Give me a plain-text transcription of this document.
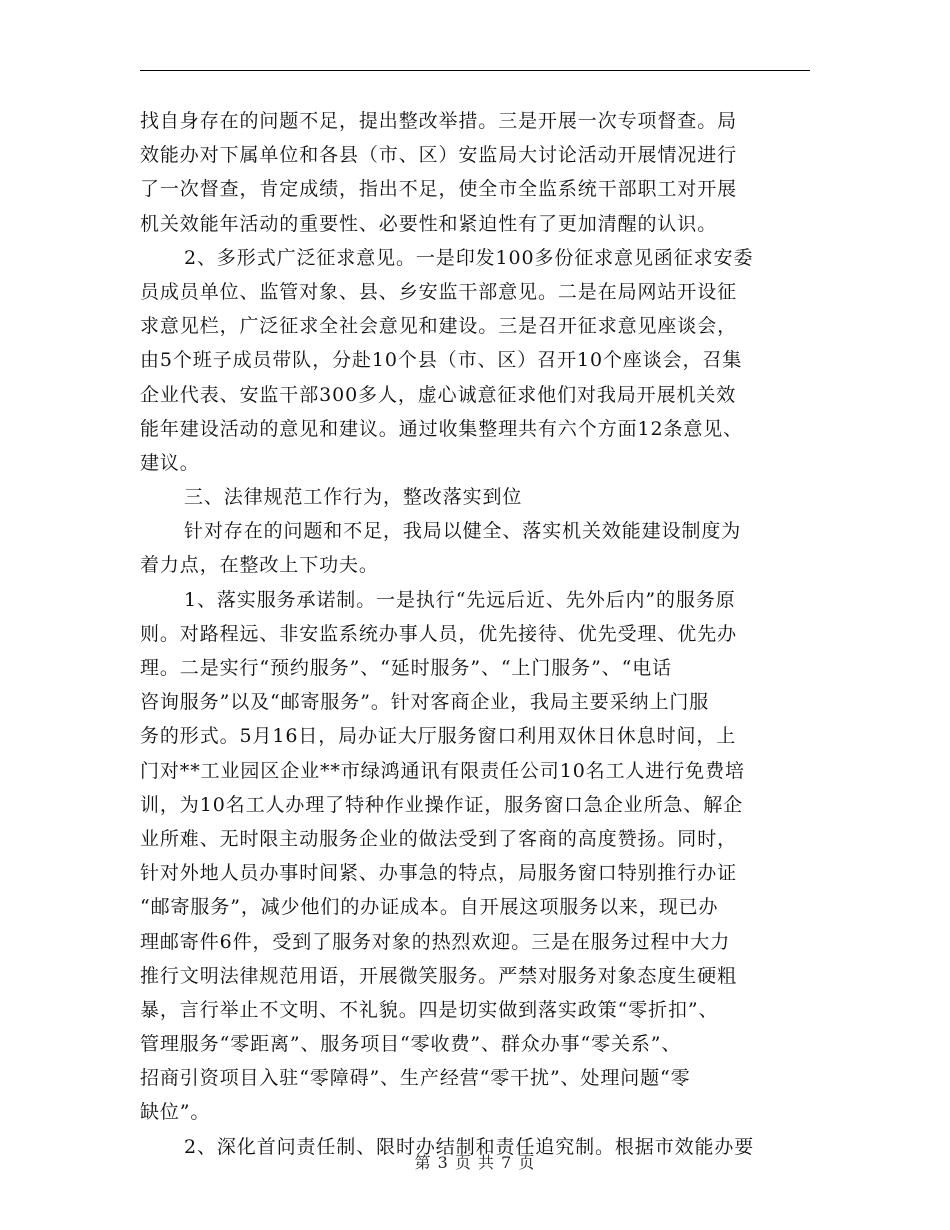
找自身存在的问题不足，提出整改举措。三是开展一次专项督查。局
效能办对下属单位和各县（市、区）安监局大讨论活动开展情况进行
了一次督查，肯定成绩，指出不足，使全市全监系统干部职工对开展
机关效能年活动的重要性、必要性和紧迫性有了更加清醒的认识。
2、多形式广泛征求意见。一是印发100多份征求意见函征求安委
员成员单位、监管对象、县、乡安监干部意见。二是在局网站开设征
求意见栏，广泛征求全社会意见和建设。三是召开征求意见座谈会，
由5个班子成员带队，分赴10个县（市、区）召开10个座谈会，召集
企业代表、安监干部300多人，虚心诚意征求他们对我局开展机关效
能年建设活动的意见和建议。通过收集整理共有六个方面12条意见、
建议。
三、法律规范工作行为，整改落实到位
针对存在的问题和不足，我局以健全、落实机关效能建设制度为
着力点，在整改上下功夫。
1、落实服务承诺制。一是执行“先远后近、先外后内”的服务原
则。对路程远、非安监系统办事人员，优先接待、优先受理、优先办
理。二是实行“预约服务”、“延时服务”、“上门服务”、“电话
咨询服务”以及“邮寄服务”。针对客商企业，我局主要采纳上门服
务的形式。5月16日，局办证大厅服务窗口利用双休日休息时间，上
门对**工业园区企业**市绿鸿通讯有限责任公司10名工人进行免费培
训，为10名工人办理了特种作业操作证，服务窗口急企业所急、解企
业所难、无时限主动服务企业的做法受到了客商的高度赞扬。同时，
针对外地人员办事时间紧、办事急的特点，局服务窗口特别推行办证
“邮寄服务”，减少他们的办证成本。自开展这项服务以来，现已办
理邮寄件6件，受到了服务对象的热烈欢迎。三是在服务过程中大力
推行文明法律规范用语，开展微笑服务。严禁对服务对象态度生硬粗
暴，言行举止不文明、不礼貌。四是切实做到落实政策“零折扣”、
管理服务“零距离”、服务项目“零收费”、群众办事“零关系”、
招商引资项目入驻“零障碍”、生产经营“零干扰”、处理问题“零
缺位”。
2、深化首问责任制、限时办结制和责任追究制。根据市效能办要
第 3 页 共 7 页
